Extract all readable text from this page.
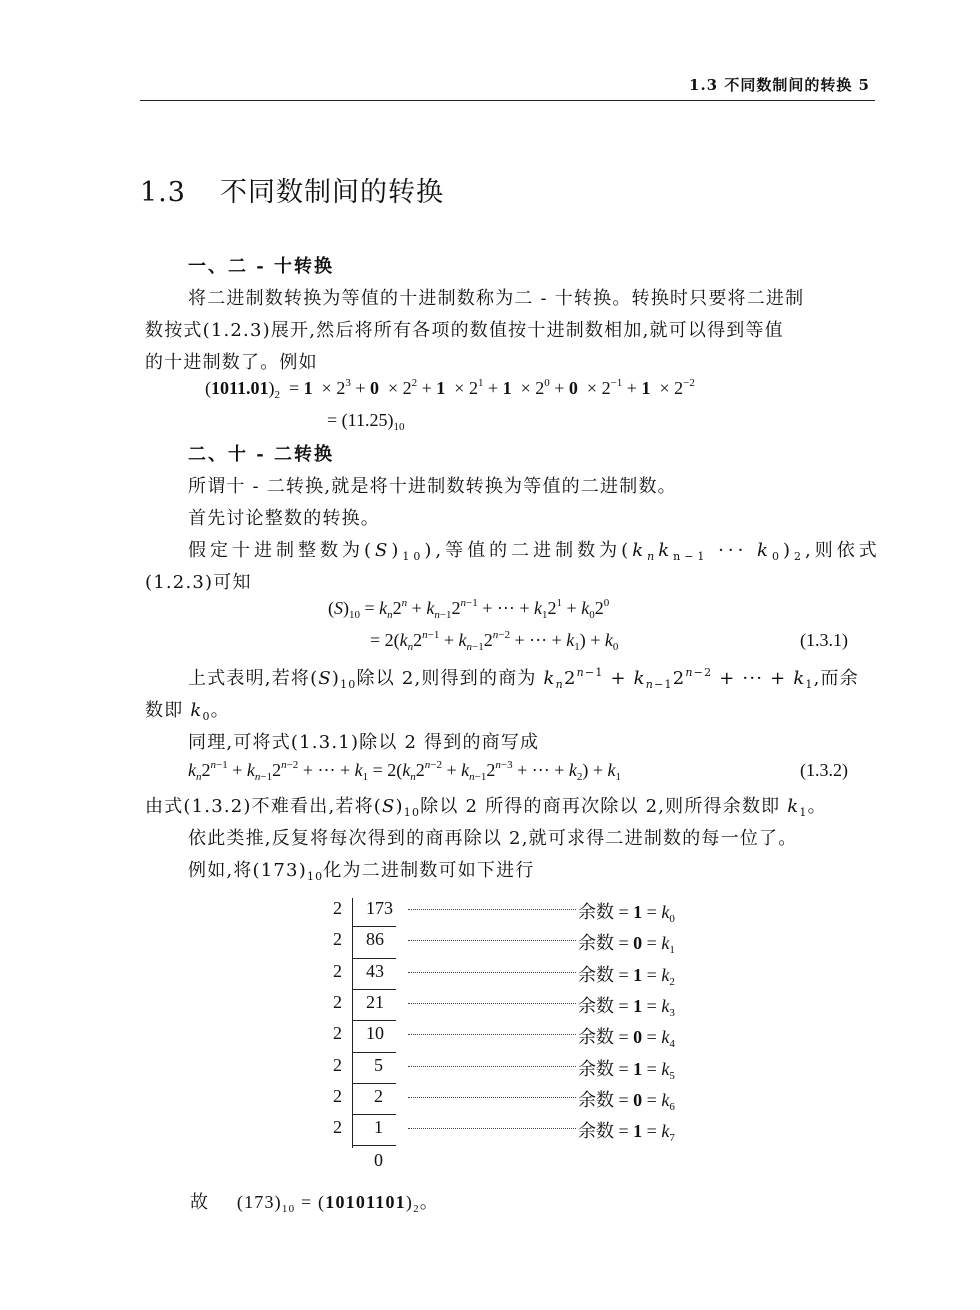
1.3 不同数制间的转换 5
1.3 不同数制间的转换
一、二 - 十转换
将二进制数转换为等值的十进制数称为二 - 十转换。转换时只要将二进制
数按式(1.2.3)展开,然后将所有各项的数值按十进制数相加,就可以得到等值
的十进制数了。例如
$(1011.01)_2 = 1 \times 2^3 + 0 \times 2^2 + 1 \times 2^1 + 1 \times 2^0 + 0 \times 2^{-1} + 1 \times 2^{-2}$
= $(11.25)_{10}$
二、十 - 二转换
所谓十 - 二转换,就是将十进制数转换为等值的二进制数。
首先讨论整数的转换。
假定十进制整数为$(S)_{10}$),等值的二进制数为($k_nk_{n-1}$ ··· $k_0)_2$,则依式
(1.2.3)可知
$(S)_{10} = k_n2^n + k_{n-1}2^{n-1}$ + ··· + $k_12^1 + k_02^0$
= $2(k_n2^{n-1} + k_{n-1}2^{n-2}$ + ··· + $k_1) + k_0$	(1.3.1)
上式表明,若将$(S)_{10}$除以 2,则得到的商为 $k_n2^{n-1} + k_{n-1}2^{n-2}$ + ··· + $k_1$,而余
数即 $k_0$。
同理,可将式(1.3.1)除以 2 得到的商写成
$k_n2^{n-1} + k_{n-1}2^{n-2}$ + ··· + $k_1 = 2(k_n2^{n-2} + k_{n-1}2^{n-3}$ + ··· + $k_2) + k_1$	(1.3.2)
由式(1.3.2)不难看出,若将$(S)_{10}$除以 2 所得的商再次除以 2,则所得余数即 $k_1$。
依此类推,反复将每次得到的商再除以 2,就可求得二进制数的每一位了。
例如,将$(173)_{10}$化为二进制数可如下进行
2 173	余数 = $1 = k_0$
2 86	余数 = $0 = k_1$
2 43	余数 = $1 = k_2$
2 21	余数 = $1 = k_3$
2 10	余数 = $0 = k_4$
2 5	余数 = $1 = k_5$
2 2	余数 = $0 = k_6$
2 1	余数 = $1 = k_7$
0
故 $(173)_{10} = (10101101)_2$。
